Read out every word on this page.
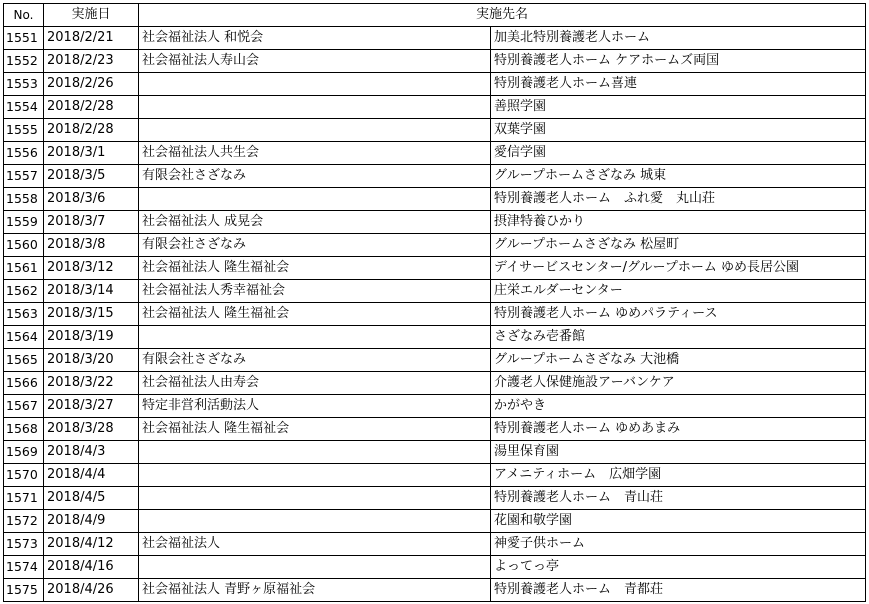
No.	実施日	実施先名	
1551	2018/2/21	社会福祉法人 和悦会	加美北特別養護老人ホーム
1552	2018/2/23	社会福祉法人寿山会	特別養護老人ホーム ケアホームズ両国
1553	2018/2/26		特別養護老人ホーム喜連
1554	2018/2/28		善照学園
1555	2018/2/28		双葉学園
1556	2018/3/1	社会福祉法人共生会	愛信学園
1557	2018/3/5	有限会社さざなみ	グループホームさざなみ 城東
1558	2018/3/6		特別養護老人ホーム　ふれ愛　丸山荘
1559	2018/3/7	社会福祉法人 成晃会	摂津特養ひかり
1560	2018/3/8	有限会社さざなみ	グループホームさざなみ 松屋町
1561	2018/3/12	社会福祉法人 隆生福祉会	デイサービスセンター/グループホーム ゆめ長居公園
1562	2018/3/14	社会福祉法人秀幸福祉会	庄栄エルダーセンター
1563	2018/3/15	社会福祉法人 隆生福祉会	特別養護老人ホーム ゆめパラティース
1564	2018/3/19		さざなみ壱番館
1565	2018/3/20	有限会社さざなみ	グループホームさざなみ 大池橋
1566	2018/3/22	社会福祉法人由寿会	介護老人保健施設アーバンケア
1567	2018/3/27	特定非営利活動法人	かがやき
1568	2018/3/28	社会福祉法人 隆生福祉会	特別養護老人ホーム ゆめあまみ
1569	2018/4/3		湯里保育園
1570	2018/4/4		アメニティホーム　広畑学園
1571	2018/4/5		特別養護老人ホーム　青山荘
1572	2018/4/9		花園和敬学園
1573	2018/4/12	社会福祉法人	神愛子供ホーム
1574	2018/4/16		よってっ亭
1575	2018/4/26	社会福祉法人 青野ヶ原福祉会	特別養護老人ホーム　青都荘
